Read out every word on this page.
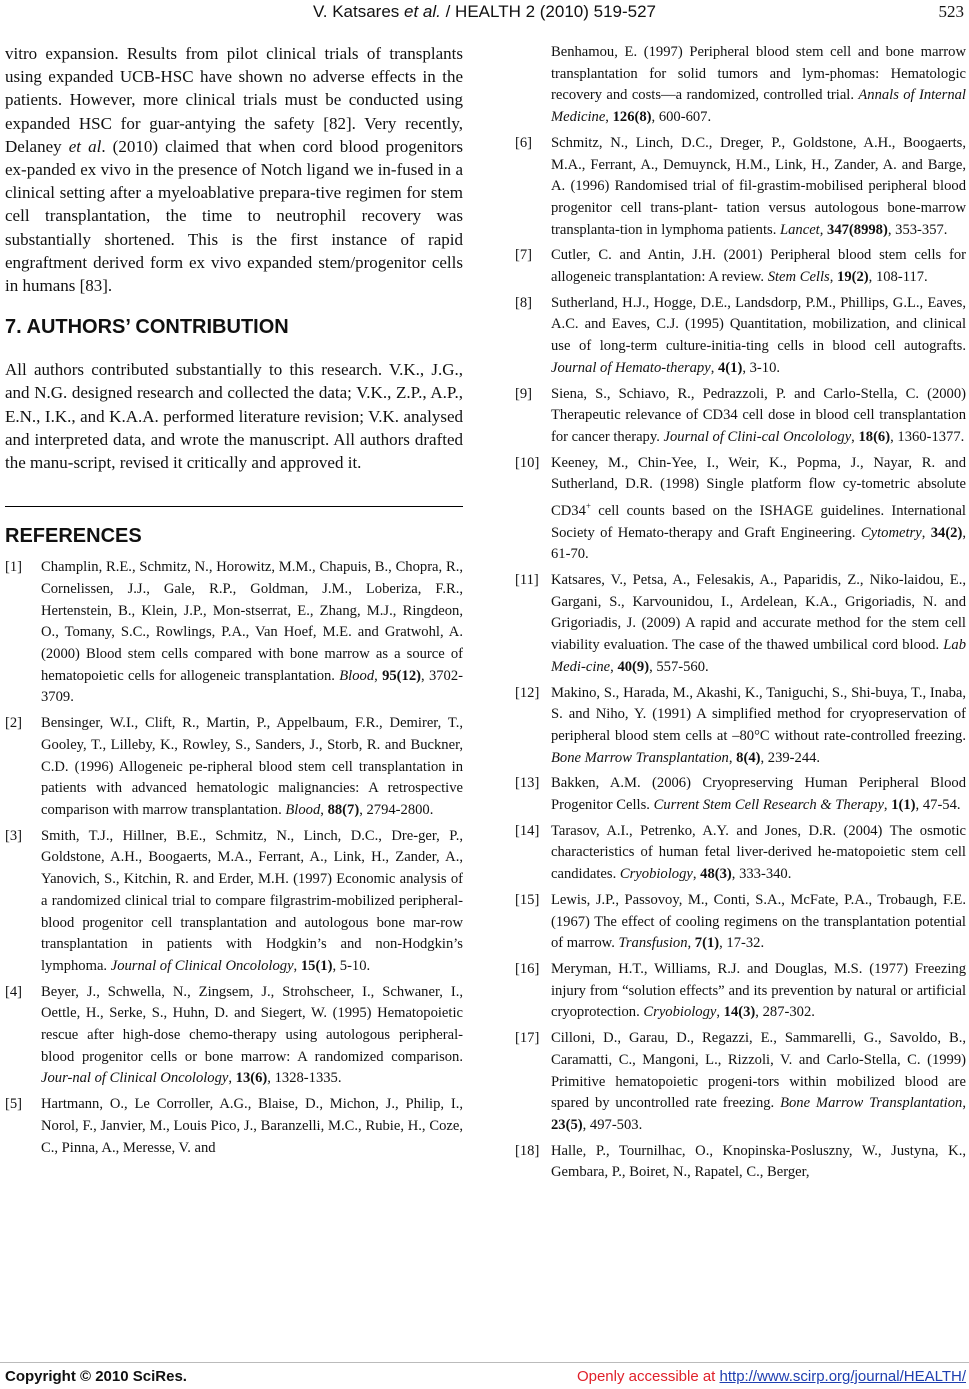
V. Katsares et al. / HEALTH 2 (2010) 519-527	523

vitro expansion. Results from pilot clinical trials of transplants using expanded UCB-HSC have shown no adverse effects in the patients. However, more clinical trials must be conducted using expanded HSC for guar-antying the safety [82]. Very recently, Delaney et al. (2010) claimed that when cord blood progenitors ex-panded ex vivo in the presence of Notch ligand we in-fused in a clinical setting after a myeloablative prepara-tive regimen for stem cell transplantation, the time to neutrophil recovery was substantially shortened. This is the first instance of rapid engraftment derived form ex vivo expanded stem/progenitor cells in humans [83].

7. AUTHORS’ CONTRIBUTION

All authors contributed substantially to this research. V.K., J.G., and N.G. designed research and collected the data; V.K., Z.P., A.P., E.N., I.K., and K.A.A. performed literature revision; V.K. analysed and interpreted data, and wrote the manuscript. All authors drafted the manu-script, revised it critically and approved it.

REFERENCES
[1]	Champlin, R.E., Schmitz, N., Horowitz, M.M., Chapuis, B., Chopra, R., Cornelissen, J.J., Gale, R.P., Goldman, J.M., Loberiza, F.R., Hertenstein, B., Klein, J.P., Mon-stserrat, E., Zhang, M.J., Ringdeon, O., Tomany, S.C., Rowlings, P.A., Van Hoef, M.E. and Gratwohl, A. (2000) Blood stem cells compared with bone marrow as a source of hematopoietic cells for allogeneic transplantation. Blood, 95(12), 3702-3709.
[2]	Bensinger, W.I., Clift, R., Martin, P., Appelbaum, F.R., Demirer, T., Gooley, T., Lilleby, K., Rowley, S., Sanders, J., Storb, R. and Buckner, C.D. (1996) Allogeneic pe-ripheral blood stem cell transplantation in patients with advanced hematologic malignancies: A retrospective comparison with marrow transplantation. Blood, 88(7), 2794-2800.
[3]	Smith, T.J., Hillner, B.E., Schmitz, N., Linch, D.C., Dre-ger, P., Goldstone, A.H., Boogaerts, M.A., Ferrant, A., Link, H., Zander, A., Yanovich, S., Kitchin, R. and Erder, M.H. (1997) Economic analysis of a randomized clinical trial to compare filgrastrim-mobilized peripheral-blood progenitor cell transplantation and autologous bone mar-row transplantation in patients with Hodgkin’s and non-Hodgkin’s lymphoma. Journal of Clinical Oncolology, 15(1), 5-10.
[4]	Beyer, J., Schwella, N., Zingsem, J., Strohscheer, I., Schwaner, I., Oettle, H., Serke, S., Huhn, D. and Siegert, W. (1995) Hematopoietic rescue after high-dose chemo-therapy using autologous peripheral-blood progenitor cells or bone marrow: A randomized comparison. Jour-nal of Clinical Oncolology, 13(6), 1328-1335.
[5]	Hartmann, O., Le Corroller, A.G., Blaise, D., Michon, J., Philip, I., Norol, F., Janvier, M., Louis Pico, J., Baranzelli, M.C., Rubie, H., Coze, C., Pinna, A., Meresse, V. and
Benhamou, E. (1997) Peripheral blood stem cell and bone marrow transplantation for solid tumors and lym-phomas: Hematologic recovery and costs—a randomized, controlled trial. Annals of Internal Medicine, 126(8), 600-607.
[6]	Schmitz, N., Linch, D.C., Dreger, P., Goldstone, A.H., Boogaerts, M.A., Ferrant, A., Demuynck, H.M., Link, H., Zander, A. and Barge, A. (1996) Randomised trial of fil-grastim-mobilised peripheral blood progenitor cell trans-plant- tation versus autologous bone-marrow transplanta-tion in lymphoma patients. Lancet, 347(8998), 353-357.
[7]	Cutler, C. and Antin, J.H. (2001) Peripheral blood stem cells for allogeneic transplantation: A review. Stem Cells, 19(2), 108-117.
[8]	Sutherland, H.J., Hogge, D.E., Landsdorp, P.M., Phillips, G.L., Eaves, A.C. and Eaves, C.J. (1995) Quantitation, mobilization, and clinical use of long-term culture-initia-ting cells in blood cell autografts. Journal of Hemato-therapy, 4(1), 3-10.
[9]	Siena, S., Schiavo, R., Pedrazzoli, P. and Carlo-Stella, C. (2000) Therapeutic relevance of CD34 cell dose in blood cell transplantation for cancer therapy. Journal of Clini-cal Oncolology, 18(6), 1360-1377.
[10] Keeney, M., Chin-Yee, I., Weir, K., Popma, J., Nayar, R. and Sutherland, D.R. (1998) Single platform flow cy-tometric absolute CD34+ cell counts based on the ISHAGE guidelines. International Society of Hemato-therapy and Graft Engineering. Cytometry, 34(2), 61-70.
[11] Katsares, V., Petsa, A., Felesakis, A., Paparidis, Z., Niko-laidou, E., Gargani, S., Karvounidou, I., Ardelean, K.A., Grigoriadis, N. and Grigoriadis, J. (2009) A rapid and accurate method for the stem cell viability evaluation. The case of the thawed umbilical cord blood. Lab Medi-cine, 40(9), 557-560.
[12] Makino, S., Harada, M., Akashi, K., Taniguchi, S., Shi-buya, T., Inaba, S. and Niho, Y. (1991) A simplified method for cryopreservation of peripheral blood stem cells at –80°C without rate-controlled freezing. Bone Marrow Transplantation, 8(4), 239-244.
[13] Bakken, A.M. (2006) Cryopreserving Human Peripheral Blood Progenitor Cells. Current Stem Cell Research & Therapy, 1(1), 47-54.
[14] Tarasov, A.I., Petrenko, A.Y. and Jones, D.R. (2004) The osmotic characteristics of human fetal liver-derived he-matopoietic stem cell candidates. Cryobiology, 48(3), 333-340.
[15] Lewis, J.P., Passovoy, M., Conti, S.A., McFate, P.A., Trobaugh, F.E. (1967) The effect of cooling regimens on the transplantation potential of marrow. Transfusion, 7(1), 17-32.
[16] Meryman, H.T., Williams, R.J. and Douglas, M.S. (1977) Freezing injury from “solution effects” and its prevention by natural or artificial cryoprotection. Cryobiology, 14(3), 287-302.
[17] Cilloni, D., Garau, D., Regazzi, E., Sammarelli, G., Savoldo, B., Caramatti, C., Mangoni, L., Rizzoli, V. and Carlo-Stella, C. (1999) Primitive hematopoietic progeni-tors within mobilized blood are spared by uncontrolled rate freezing. Bone Marrow Transplantation, 23(5), 497-503.
[18] Halle, P., Tournilhac, O., Knopinska-Posluszny, W., Justyna, K., Gembara, P., Boiret, N., Rapatel, C., Berger,
Copyright © 2010 SciRes.	Openly accessible at http://www.scirp.org/journal/HEALTH/
